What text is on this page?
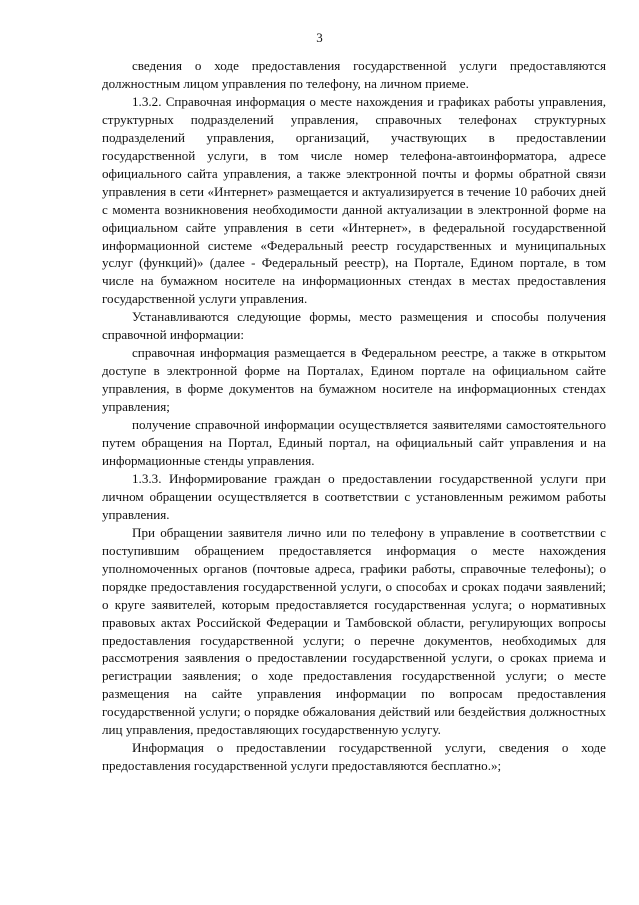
3

сведения о ходе предоставления государственной услуги предоставляются должностным лицом управления по телефону, на личном приеме.

1.3.2. Справочная информация о месте нахождения и графиках работы управления, структурных подразделений управления, справочных телефонах структурных подразделений управления, организаций, участвующих в предоставлении государственной услуги, в том числе номер телефона-автоинформатора, адресе официального сайта управления, а также электронной почты и формы обратной связи управления в сети «Интернет» размещается и актуализируется в течение 10 рабочих дней с момента возникновения необходимости данной актуализации в электронной форме на официальном сайте управления в сети «Интернет», в федеральной государственной информационной системе «Федеральный реестр государственных и муниципальных услуг (функций)» (далее - Федеральный реестр), на Портале, Едином портале, в том числе на бумажном носителе на информационных стендах в местах предоставления государственной услуги управления.

Устанавливаются следующие формы, место размещения и способы получения справочной информации:

справочная информация размещается в Федеральном реестре, а также в открытом доступе в электронной форме на Порталах, Едином портале на официальном сайте управления, в форме документов на бумажном носителе на информационных стендах управления;

получение справочной информации осуществляется заявителями самостоятельного путем обращения на Портал, Единый портал, на официальный сайт управления и на информационные стенды управления.

1.3.3. Информирование граждан о предоставлении государственной услуги при личном обращении осуществляется в соответствии с установленным режимом работы управления.

При обращении заявителя лично или по телефону в управление в соответствии с поступившим обращением предоставляется информация о месте нахождения уполномоченных органов (почтовые адреса, графики работы, справочные телефоны); о порядке предоставления государственной услуги, о способах и сроках подачи заявлений; о круге заявителей, которым предоставляется государственная услуга; о нормативных правовых актах Российской Федерации и Тамбовской области, регулирующих вопросы предоставления государственной услуги; о перечне документов, необходимых для рассмотрения заявления о предоставлении государственной услуги, о сроках приема и регистрации заявления; о ходе предоставления государственной услуги; о месте размещения на сайте управления информации по вопросам предоставления государственной услуги; о порядке обжалования действий или бездействия должностных лиц управления, предоставляющих государственную услугу.

Информация о предоставлении государственной услуги, сведения о ходе предоставления государственной услуги предоставляются бесплатно.»;
